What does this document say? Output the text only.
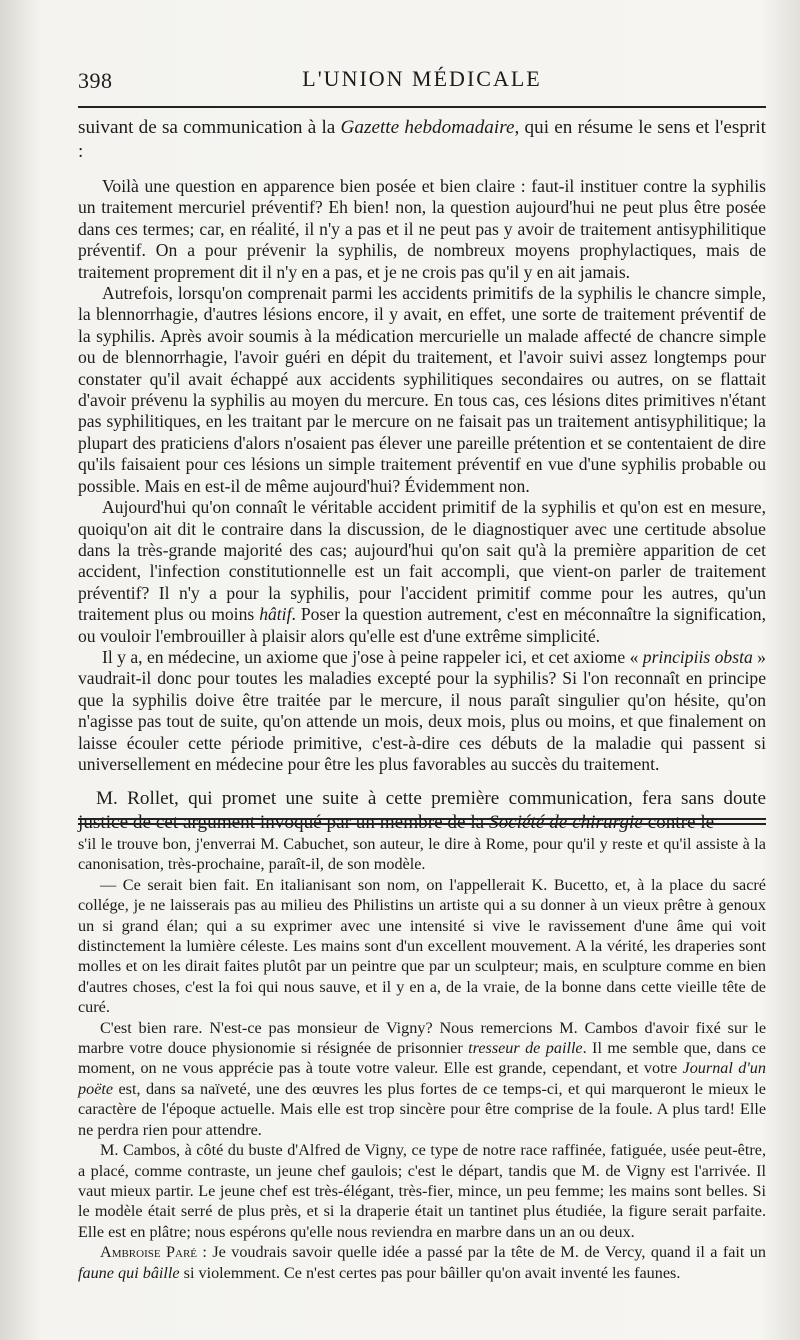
398	L'UNION MÉDICALE

suivant de sa communication à la Gazette hebdomadaire, qui en résume le sens et l'esprit :

Voilà une question en apparence bien posée et bien claire : faut-il instituer contre la syphilis un traitement mercuriel préventif? Eh bien! non, la question aujourd'hui ne peut plus être posée dans ces termes; car, en réalité, il n'y a pas et il ne peut pas y avoir de traitement antisyphilitique préventif. On a pour prévenir la syphilis, de nombreux moyens prophylactiques, mais de traitement proprement dit il n'y en a pas, et je ne crois pas qu'il y en ait jamais.

Autrefois, lorsqu'on comprenait parmi les accidents primitifs de la syphilis le chancre simple, la blennorrhagie, d'autres lésions encore, il y avait, en effet, une sorte de traitement préventif de la syphilis. Après avoir soumis à la médication mercurielle un malade affecté de chancre simple ou de blennorrhagie, l'avoir guéri en dépit du traitement, et l'avoir suivi assez longtemps pour constater qu'il avait échappé aux accidents syphilitiques secondaires ou autres, on se flattait d'avoir prévenu la syphilis au moyen du mercure. En tous cas, ces lésions dites primitives n'étant pas syphilitiques, en les traitant par le mercure on ne faisait pas un traitement antisyphilitique; la plupart des praticiens d'alors n'osaient pas élever une pareille prétention et se contentaient de dire qu'ils faisaient pour ces lésions un simple traitement préventif en vue d'une syphilis probable ou possible. Mais en est-il de même aujourd'hui? Évidemment non.

Aujourd'hui qu'on connaît le véritable accident primitif de la syphilis et qu'on est en mesure, quoiqu'on ait dit le contraire dans la discussion, de le diagnostiquer avec une certitude absolue dans la très-grande majorité des cas; aujourd'hui qu'on sait qu'à la première apparition de cet accident, l'infection constitutionnelle est un fait accompli, que vient-on parler de traitement préventif? Il n'y a pour la syphilis, pour l'accident primitif comme pour les autres, qu'un traitement plus ou moins hâtif. Poser la question autrement, c'est en méconnaître la signification, ou vouloir l'embrouiller à plaisir alors qu'elle est d'une extrême simplicité.

Il y a, en médecine, un axiome que j'ose à peine rappeler ici, et cet axiome « principiis obsta » vaudrait-il donc pour toutes les maladies excepté pour la syphilis? Si l'on reconnaît en principe que la syphilis doive être traitée par le mercure, il nous paraît singulier qu'on hésite, qu'on n'agisse pas tout de suite, qu'on attende un mois, deux mois, plus ou moins, et que finalement on laisse écouler cette période primitive, c'est-à-dire ces débuts de la maladie qui passent si universellement en médecine pour être les plus favorables au succès du traitement.

M. Rollet, qui promet une suite à cette première communication, fera sans doute justice de cet argument invoqué par un membre de la Société de chirurgie contre le

s'il le trouve bon, j'enverrai M. Cabuchet, son auteur, le dire à Rome, pour qu'il y reste et qu'il assiste à la canonisation, très-prochaine, paraît-il, de son modèle.

— Ce serait bien fait. En italianisant son nom, on l'appellerait K. Bucetto, et, à la place du sacré collége, je ne laisserais pas au milieu des Philistins un artiste qui a su donner à un vieux prêtre à genoux un si grand élan; qui a su exprimer avec une intensité si vive le ravissement d'une âme qui voit distinctement la lumière céleste. Les mains sont d'un excellent mouvement. A la vérité, les draperies sont molles et on les dirait faites plutôt par un peintre que par un sculpteur; mais, en sculpture comme en bien d'autres choses, c'est la foi qui nous sauve, et il y en a, de la vraie, de la bonne dans cette vieille tête de curé.

C'est bien rare. N'est-ce pas monsieur de Vigny? Nous remercions M. Cambos d'avoir fixé sur le marbre votre douce physionomie si résignée de prisonnier tresseur de paille. Il me semble que, dans ce moment, on ne vous apprécie pas à toute votre valeur. Elle est grande, cependant, et votre Journal d'un poëte est, dans sa naïveté, une des œuvres les plus fortes de ce temps-ci, et qui marqueront le mieux le caractère de l'époque actuelle. Mais elle est trop sincère pour être comprise de la foule. A plus tard! Elle ne perdra rien pour attendre.

M. Cambos, à côté du buste d'Alfred de Vigny, ce type de notre race raffinée, fatiguée, usée peut-être, a placé, comme contraste, un jeune chef gaulois; c'est le départ, tandis que M. de Vigny est l'arrivée. Il vaut mieux partir. Le jeune chef est très-élégant, très-fier, mince, un peu femme; les mains sont belles. Si le modèle était serré de plus près, et si la draperie était un tantinet plus étudiée, la figure serait parfaite. Elle est en plâtre; nous espérons qu'elle nous reviendra en marbre dans un an ou deux.

Ambroise Paré : Je voudrais savoir quelle idée a passé par la tête de M. de Vercy, quand il a fait un faune qui bâille si violemment. Ce n'est certes pas pour bâiller qu'on avait inventé les faunes.
